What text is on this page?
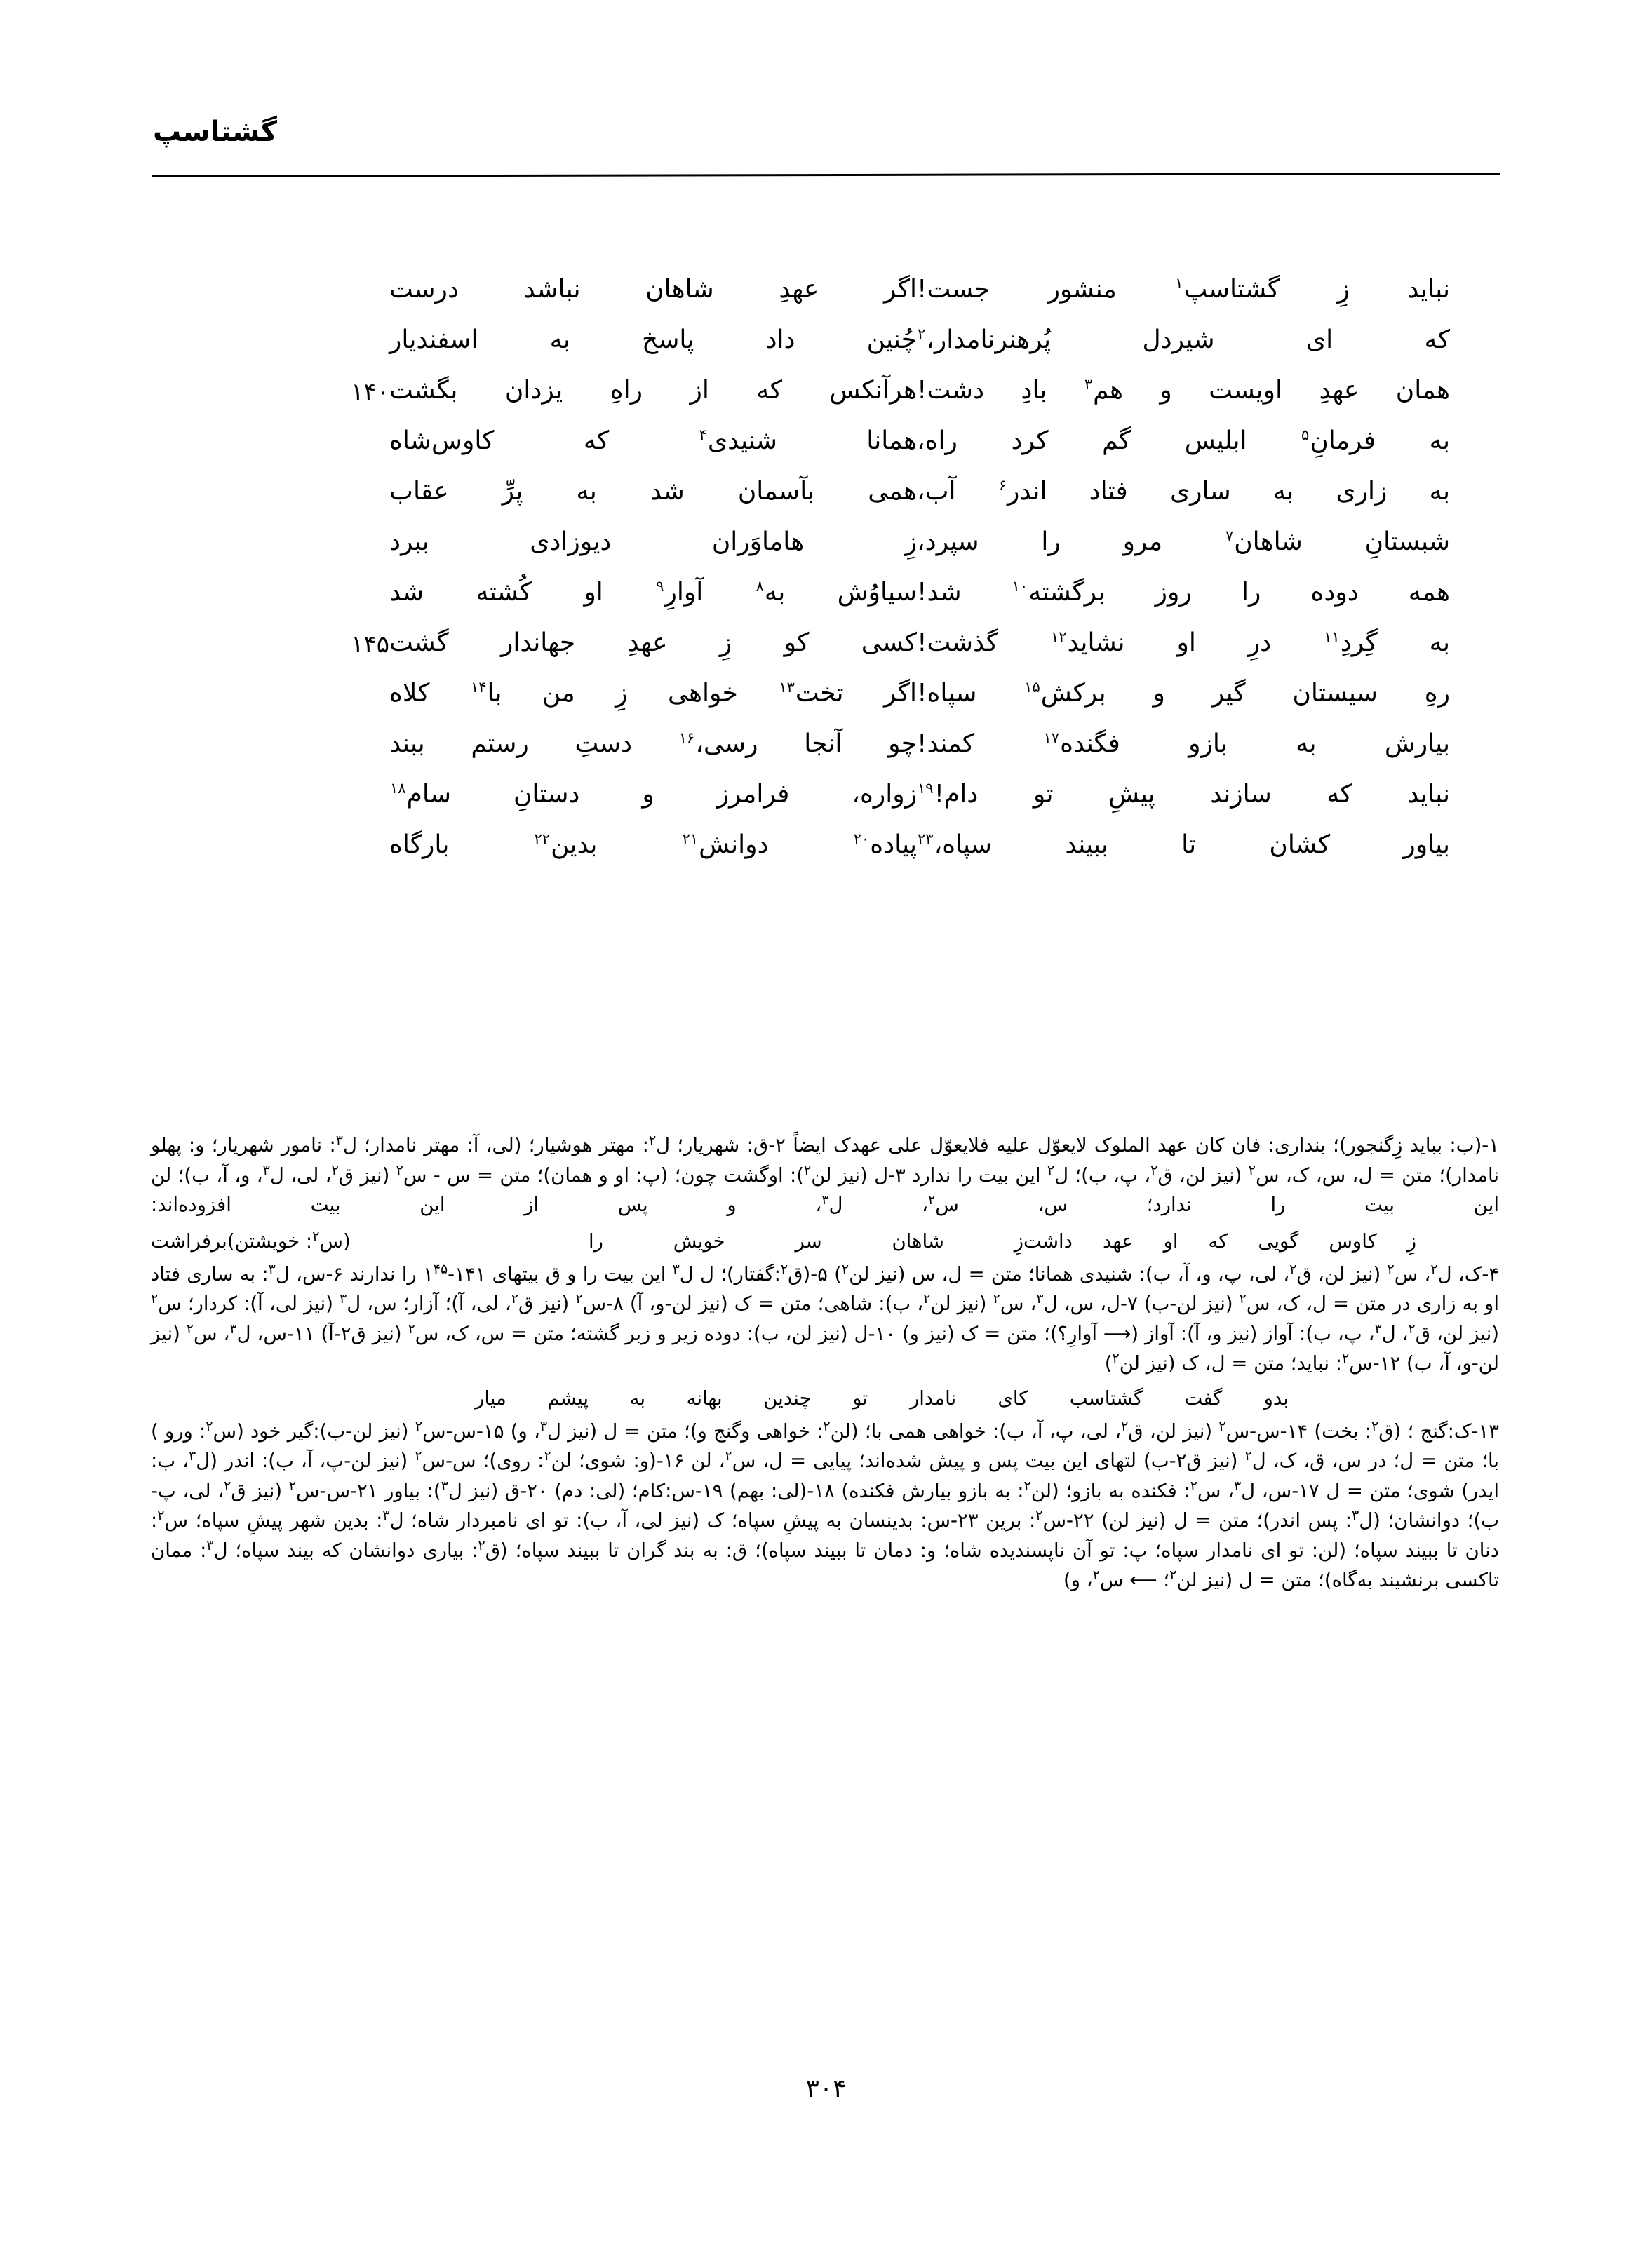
گشتاسپ
نباید
زِ
گشتاسپ$^۱$
منشور
جست!
اگر
عهدِ
شاهان
نباشد
درست
که
ای
شیردل
پُرهنرنامدار،$^۲$
چُنین
داد
پاسخ
به
اسفندیار
همان
عهدِ
اویست
و
هم$^۳$
بادِ
دشت!
هرآنکس
که
از
راهِ
یزدان
بگشت
۱۴۰
به
فرمانِ$^۵$
ابلیس
گم
کرد
راه،
همانا
شنیدی$^۴$
که
کاوس‌شاه
به
زاری
به
ساری
فتاد
اندر$^۶$
آب،
همی
بآسمان
شد
به
پرِّ
عقاب
شبستانِ
شاهان$^۷$
مرو
را
سپرد،
زِ
هاماوَران
دیوزادی
ببرد
همه
دوده
را
روز
برگشته$^{۱۰}$
شد!
سیاوُش
به$^۸$
آوارِ$^۹$
او
کُشته
شد
به
گِردِ$^{۱۱}$
درِ
او
نشاید$^{۱۲}$
گذشت!
کسی
کو
زِ
عهدِ
جهاندار
گشت
۱۴۵
رهِ
سیستان
گیر
و
برکش$^{۱۵}$
سپاه!
اگر
تخت$^{۱۳}$
خواهی
زِ
من
با$^{۱۴}$
کلاه
بیارش
به
بازو
فگنده$^{۱۷}$
کمند!
چو
آنجا
رسی،$^{۱۶}$
دستِ
رستم
ببند
نباید
که
سازند
پیشِ
تو
دام!$^{۱۹}$
زواره،
فرامرز
و
دستانِ
سام$^{۱۸}$
بیاور
کشان
تا
ببیند
سپاه،$^{۲۳}$
پیاده$^{۲۰}$
دوانش$^{۲۱}$
بدین$^{۲۲}$
بارگاه

۱-(ب: بباید زِگنجور)؛ بنداری: فان کان عهد الملوک لایعوّل علیه فلایعوّل علی عهدک ایضاً ۲-ق: شهریار؛ ل$^۲$: مهتر هوشیار؛ (لی، آ: مهتر نامدار؛ ل$^۳$: نامور شهریار؛ و: پهلو نامدار)؛ متن = ل، س، ک، س$^۲$ (نیز لن، ق$^۲$، پ، ب)؛ ل$^۲$ این بیت را ندارد ۳-ل (نیز لن$^۲$): اوگشت چون؛ (پ: او و همان)؛ متن = س - س$^۲$ (نیز ق$^۲$، لی، ل$^۳$، و، آ، ب)؛ لن این بیت را ندارد؛ س، س$^۲$، ل$^۳$، و پس از این بیت افزوده‌اند:

زِ
کاوس
گویی
که
او
عهد
داشت
زِ
شاهان
سر
خویش
را
(س$^۲$: خویشتن)برفراشت

۴-ک، ل$^۲$، س$^۲$ (نیز لن، ق$^۲$، لی، پ، و، آ، ب): شنیدی همانا؛ متن = ل، س (نیز لن$^۲$) ۵-(ق$^۲$:گفتار)؛ ل ل$^۳$ این بیت را و ق بیتهای $۱۴۱-۱^{۴۵}$ را ندارند ۶-س، ل$^۳$: به ساری فتاد او به زاری در متن = ل، ک، س$^۲$ (نیز لن-ب) ۷-ل، س، ل$^۳$، س$^۲$ (نیز لن$^۲$، ب): شاهی؛ متن = ک (نیز لن-و، آ) ۸-س$^۲$ (نیز ق$^۲$، لی، آ)؛ آزار؛ س، ل$^۳$ (نیز لی، آ): کردار؛ س$^۲$ (نیز لن، ق$^۲$، ل$^۳$، پ، ب): آواز (نیز و، آ): آواز (⟶ آوارِ؟)؛ متن = ک (نیز و) ۱۰-ل (نیز لن، ب): دوده زیر و زبر گشته؛ متن = س، ک، س$^۲$ (نیز ق۲-آ) ۱۱-س، ل$^۳$، س$^۲$ (نیز لن-و، آ، ب) ۱۲-س$^۲$: نباید؛ متن = ل، ک (نیز لن$^۲$)

بدو
گفت
گشتاسب
کای
نامدار
تو
چندین
بهانه
به
پیشم
میار

۱۳-ک:گنج ؛ (ق$^۲$: بخت) ۱۴-س-س$^۲$ (نیز لن، ق$^۲$، لی، پ، آ، ب): خواهی همی با؛ (لن$^۲$: خواهی وگنج و)؛ متن = ل (نیز ل$^۳$، و) ۱۵-س-س$^۲$ (نیز لن-ب):گیر خود (س$^۲$: ورو ) با؛ متن = ل؛ در س، ق، ک، ل$^۲$ (نیز ق۲-ب) لتهای این بیت پس و پیش شده‌اند؛ پیایی = ل، س$^۲$، لن ۱۶-(و: شوی؛ لن$^۲$: روی)؛ س-س$^۲$ (نیز لن-پ، آ، ب): اندر (ل$^۳$، ب: ایدر) شوی؛ متن = ل ۱۷-س، ل$^۳$، س$^۲$: فکنده به بازو؛ (لن$^۲$: به بازو بیارش فکنده) ۱۸-(لی: بهم) ۱۹-س:کام؛ (لی: دم) ۲۰-ق (نیز ل$^۳$): بیاور ۲۱-س-س$^۲$ (نیز ق$^۲$، لی، پ-ب)؛ دوانشان؛ (ل$^۳$: پس اندر)؛ متن = ل (نیز لن) ۲۲-س$^۲$: برین ۲۳-س: بدینسان به پیشِ سپاه؛ ک (نیز لی، آ، ب): تو ای نامبردار شاه؛ ل$^۳$: بدین شهر پیشِ سپاه؛ س$^۲$: دنان تا ببیند سپاه؛ (لن: تو ای نامدار سپاه؛ پ: تو آن ناپسندیده شاه؛ و: دمان تا ببیند سپاه)؛ ق: به بند گران تا ببیند سپاه؛ (ق$^۲$: بیاری دوانشان که بیند سپاه؛ ل$^۳$: ممان تاکسی برنشیند به‌گاه)؛ متن = ل (نیز لن$^۲$؛ ⟵ س$^۲$، و)

۳۰۴
